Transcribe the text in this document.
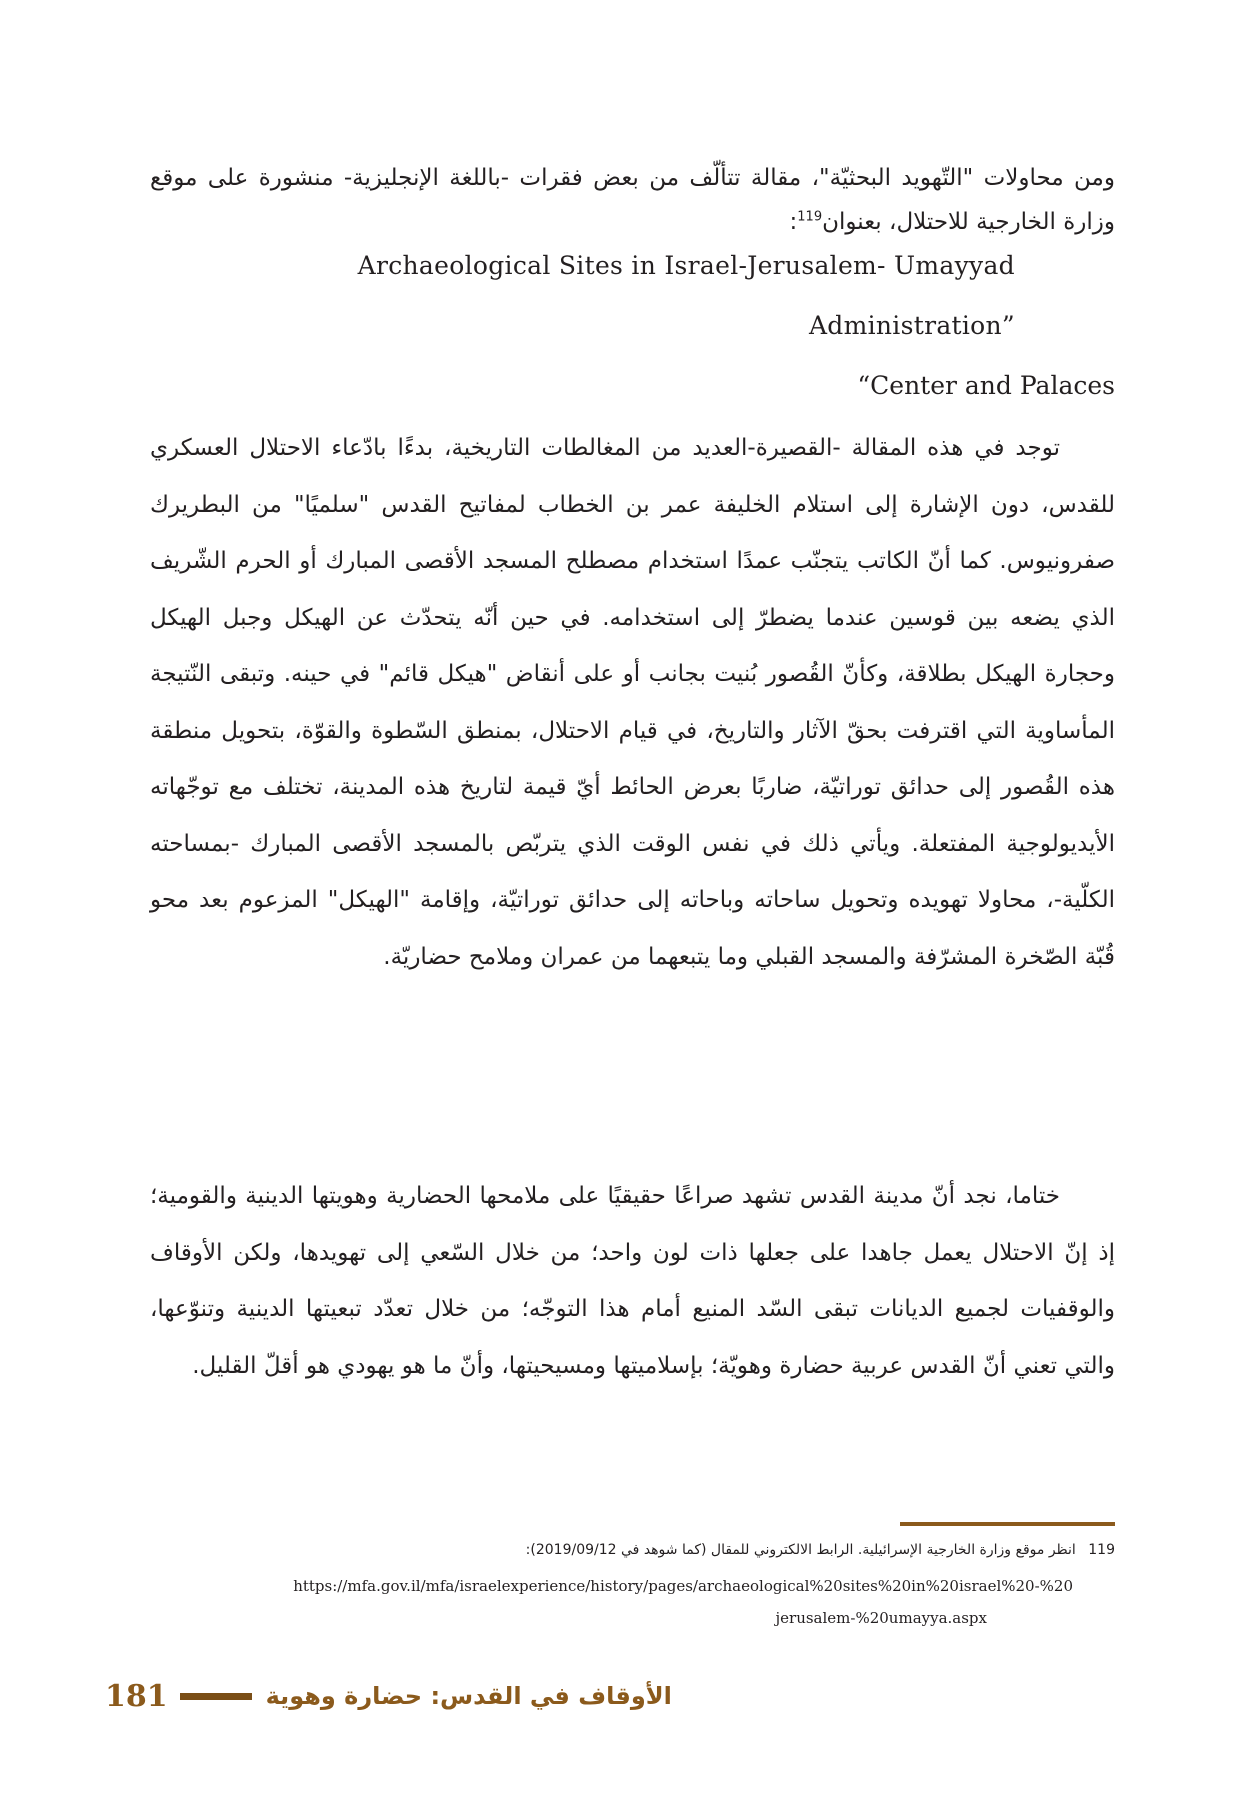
ومن محاولات "التّهويد البحثيّة"، مقالة تتألّف من بعض فقرات -باللغة الإنجليزية- منشورة على موقع وزارة الخارجية للاحتلال، بعنوان$^{119}$:
Archaeological Sites in Israel-Jerusalem- Umayyad Administration”
“Center and Palaces

توجد في هذه المقالة -القصيرة-العديد من المغالطات التاريخية، بدءًا بادّعاء الاحتلال العسكري للقدس، دون الإشارة إلى استلام الخليفة عمر بن الخطاب لمفاتيح القدس "سلميًا" من البطريرك صفرونيوس. كما أنّ الكاتب يتجنّب عمدًا استخدام مصطلح المسجد الأقصى المبارك أو الحرم الشّريف الذي يضعه بين قوسين عندما يضطرّ إلى استخدامه. في حين أنّه يتحدّث عن الهيكل وجبل الهيكل وحجارة الهيكل بطلاقة، وكأنّ القُصور بُنيت بجانب أو على أنقاض "هيكل قائم" في حينه. وتبقى النّتيجة المأساوية التي اقترفت بحقّ الآثار والتاريخ، في قيام الاحتلال، بمنطق السّطوة والقوّة، بتحويل منطقة هذه القُصور إلى حدائق توراتيّة، ضاربًا بعرض الحائط أيّ قيمة لتاريخ هذه المدينة، تختلف مع توجّهاته الأيديولوجية المفتعلة. ويأتي ذلك في نفس الوقت الذي يتربّص بالمسجد الأقصى المبارك -بمساحته الكلّية-، محاولا تهويده وتحويل ساحاته وباحاته إلى حدائق توراتيّة، وإقامة "الهيكل" المزعوم بعد محو قُبّة الصّخرة المشرّفة والمسجد القبلي وما يتبعهما من عمران وملامح حضاريّة.

ختاما، نجد أنّ مدينة القدس تشهد صراعًا حقيقيًا على ملامحها الحضارية وهويتها الدينية والقومية؛ إذ إنّ الاحتلال يعمل جاهدا على جعلها ذات لون واحد؛ من خلال السّعي إلى تهويدها، ولكن الأوقاف والوقفيات لجميع الديانات تبقى السّد المنيع أمام هذا التوجّه؛ من خلال تعدّد تبعيتها الدينية وتنوّعها، والتي تعني أنّ القدس عربية حضارة وهويّة؛ بإسلاميتها ومسيحيتها، وأنّ ما هو يهودي هو أقلّ القليل.

119 انظر موقع وزارة الخارجية الإسرائيلية. الرابط الالكتروني للمقال (كما شوهد في 2019/09/12):
https://mfa.gov.il/mfa/israelexperience/history/pages/archaeological%20sites%20in%20israel%20-%20
jerusalem-%20umayya.aspx
181	الأوقاف في القدس: حضارة وهوية
